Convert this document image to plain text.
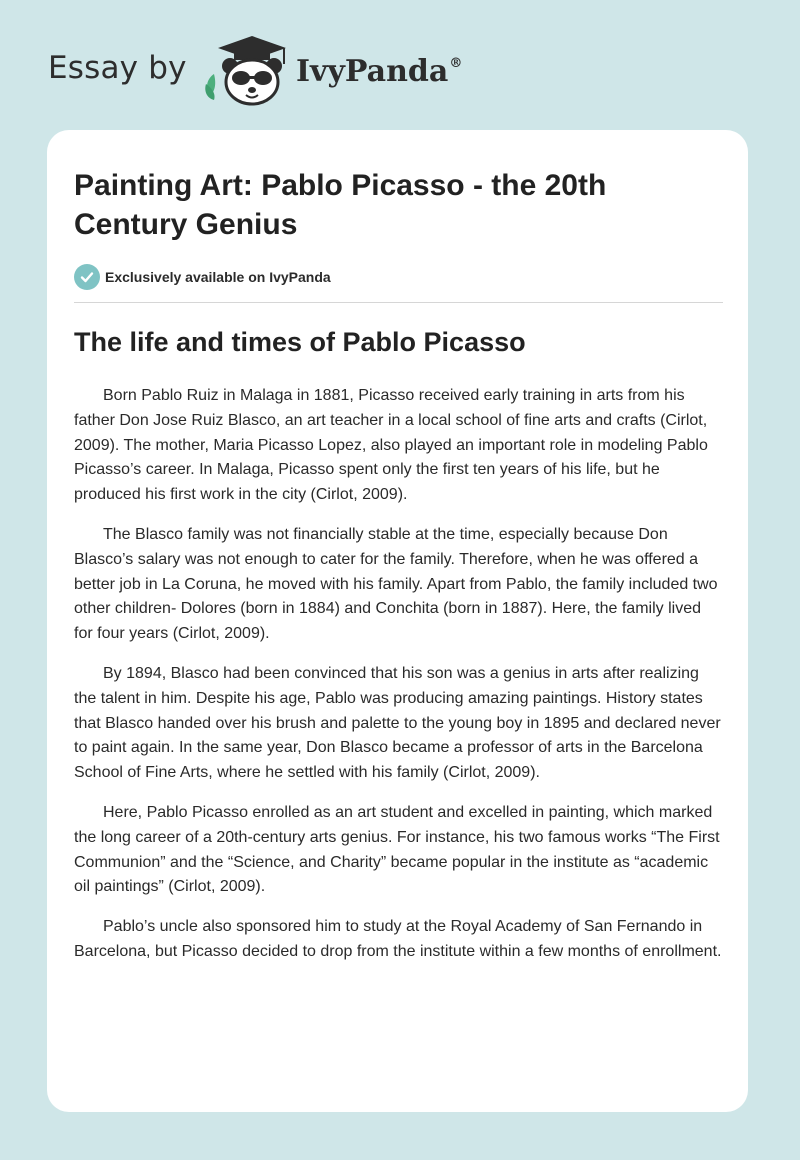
Essay by	IvyPanda®
Painting Art: Pablo Picasso - the 20th Century Genius
Exclusively available on IvyPanda
The life and times of Pablo Picasso

Born Pablo Ruiz in Malaga in 1881, Picasso received early training in arts from his father Don Jose Ruiz Blasco, an art teacher in a local school of fine arts and crafts (Cirlot, 2009). The mother, Maria Picasso Lopez, also played an important role in modeling Pablo Picasso’s career. In Malaga, Picasso spent only the first ten years of his life, but he produced his first work in the city (Cirlot, 2009).

The Blasco family was not financially stable at the time, especially because Don Blasco’s salary was not enough to cater for the family. Therefore, when he was offered a better job in La Coruna, he moved with his family. Apart from Pablo, the family included two other children- Dolores (born in 1884) and Conchita (born in 1887). Here, the family lived for four years (Cirlot, 2009).

By 1894, Blasco had been convinced that his son was a genius in arts after realizing the talent in him. Despite his age, Pablo was producing amazing paintings. History states that Blasco handed over his brush and palette to the young boy in 1895 and declared never to paint again. In the same year, Don Blasco became a professor of arts in the Barcelona School of Fine Arts, where he settled with his family (Cirlot, 2009).

Here, Pablo Picasso enrolled as an art student and excelled in painting, which marked the long career of a 20th-century arts genius. For instance, his two famous works “The First Communion” and the “Science, and Charity” became popular in the institute as “academic oil paintings” (Cirlot, 2009).

Pablo’s uncle also sponsored him to study at the Royal Academy of San Fernando in Barcelona, but Picasso decided to drop from the institute within a few months of enrollment.
